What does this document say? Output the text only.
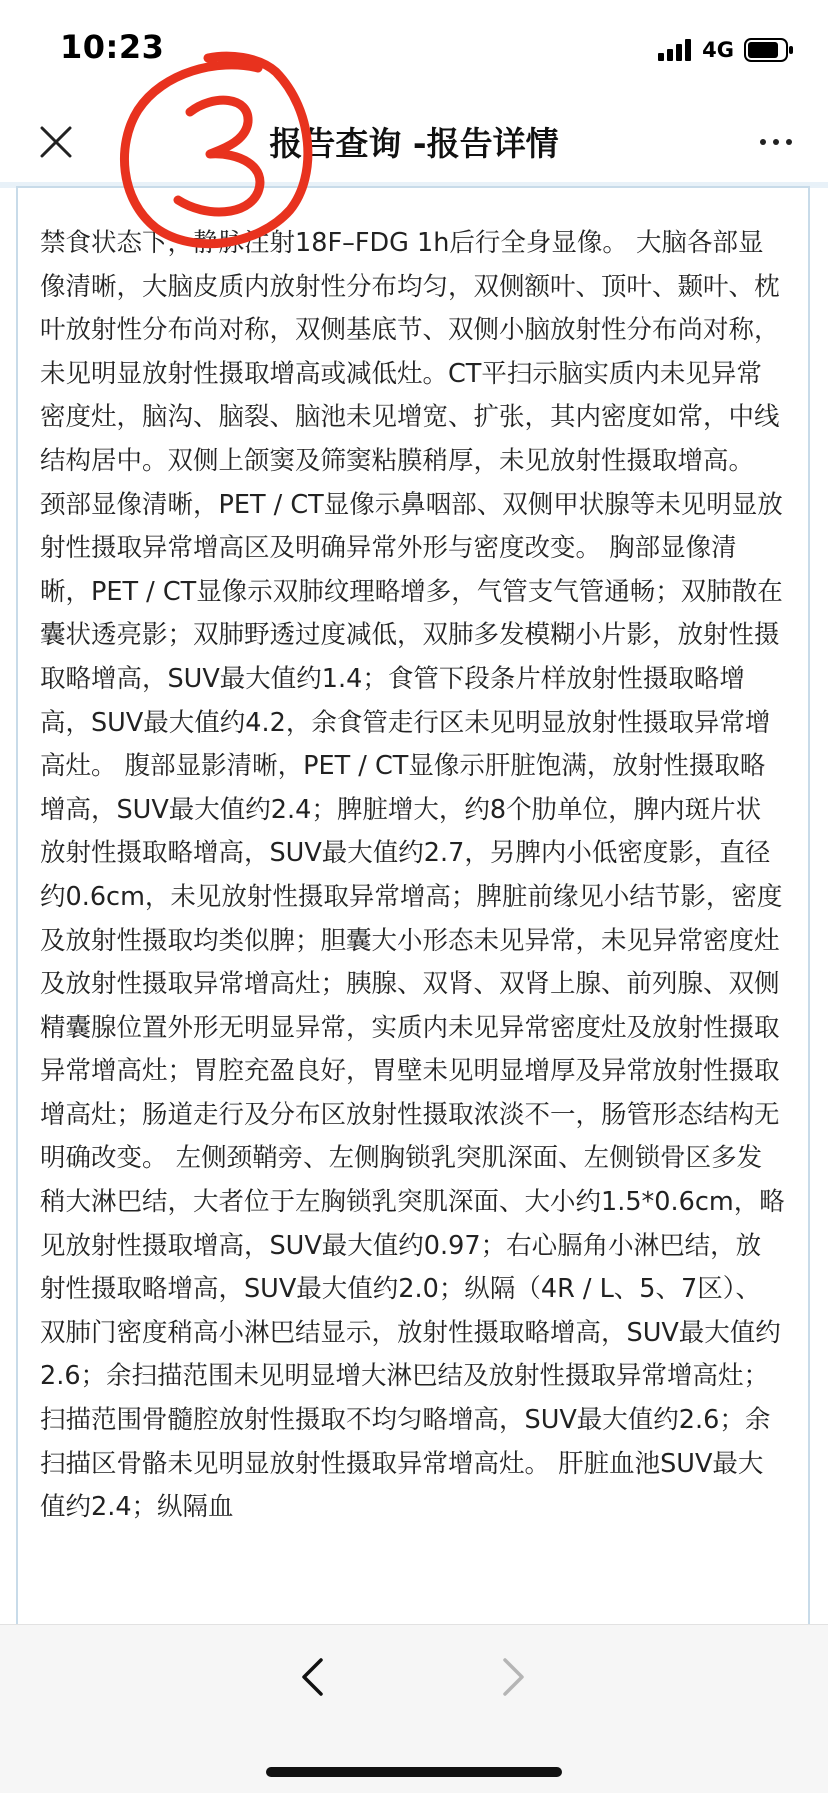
10:23	4G
报告查询 -报告详情

禁食状态下，静脉注射18F–FDG 1h后行全身显像。 大脑各部显像清晰，大脑皮质内放射性分布均匀，双侧额叶、顶叶、颞叶、枕叶放射性分布尚对称，双侧基底节、双侧小脑放射性分布尚对称，未见明显放射性摄取增高或减低灶。CT平扫示脑实质内未见异常密度灶，脑沟、脑裂、脑池未见增宽、扩张，其内密度如常，中线结构居中。双侧上颌窦及筛窦粘膜稍厚，未见放射性摄取增高。 颈部显像清晰，PET / CT显像示鼻咽部、双侧甲状腺等未见明显放射性摄取异常增高区及明确异常外形与密度改变。 胸部显像清晰，PET / CT显像示双肺纹理略增多，气管支气管通畅；双肺散在囊状透亮影；双肺野透过度减低，双肺多发模糊小片影，放射性摄取略增高，SUV最大值约1.4；食管下段条片样放射性摄取略增高，SUV最大值约4.2，余食管走行区未见明显放射性摄取异常增高灶。 腹部显影清晰，PET / CT显像示肝脏饱满，放射性摄取略增高，SUV最大值约2.4；脾脏增大，约8个肋单位，脾内斑片状放射性摄取略增高，SUV最大值约2.7，另脾内小低密度影，直径约0.6cm，未见放射性摄取异常增高；脾脏前缘见小结节影，密度及放射性摄取均类似脾；胆囊大小形态未见异常，未见异常密度灶及放射性摄取异常增高灶；胰腺、双肾、双肾上腺、前列腺、双侧精囊腺位置外形无明显异常，实质内未见异常密度灶及放射性摄取异常增高灶；胃腔充盈良好，胃壁未见明显增厚及异常放射性摄取增高灶；肠道走行及分布区放射性摄取浓淡不一，肠管形态结构无明确改变。 左侧颈鞘旁、左侧胸锁乳突肌深面、左侧锁骨区多发稍大淋巴结，大者位于左胸锁乳突肌深面、大小约1.5*0.6cm，略见放射性摄取增高，SUV最大值约0.97；右心膈角小淋巴结，放射性摄取略增高，SUV最大值约2.0；纵隔（4R / L、5、7区）、双肺门密度稍高小淋巴结显示，放射性摄取略增高，SUV最大值约2.6；余扫描范围未见明显增大淋巴结及放射性摄取异常增高灶； 扫描范围骨髓腔放射性摄取不均匀略增高，SUV最大值约2.6；余扫描区骨骼未见明显放射性摄取异常增高灶。 肝脏血池SUV最大值约2.4；纵隔血
